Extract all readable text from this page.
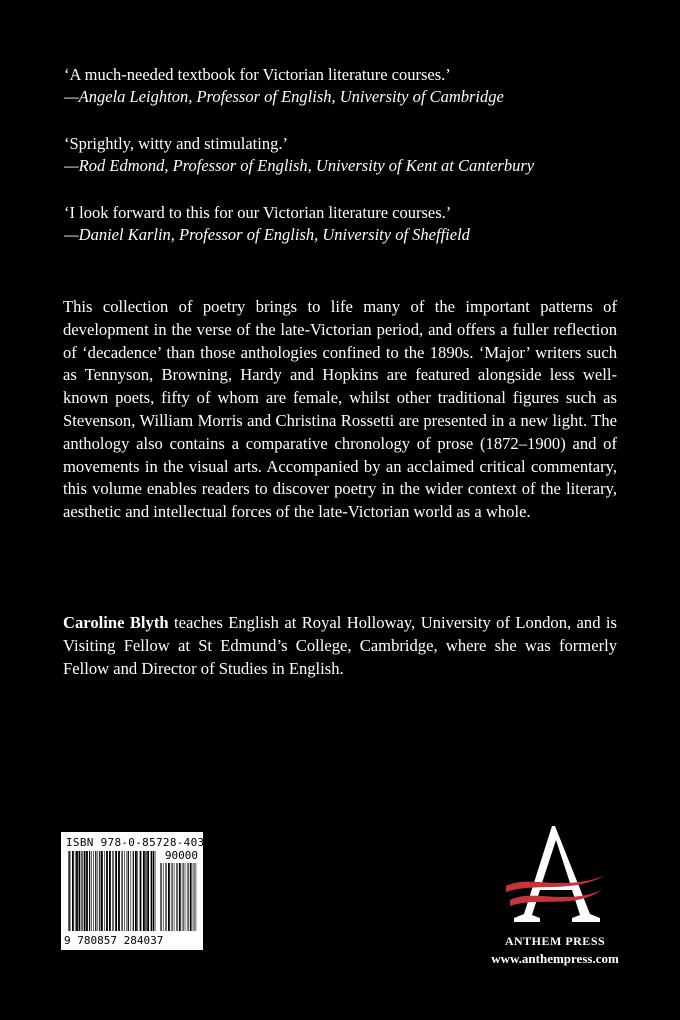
‘A much-needed textbook for Victorian literature courses.’
—Angela Leighton, Professor of English, University of Cambridge
‘Sprightly, witty and stimulating.’
—Rod Edmond, Professor of English, University of Kent at Canterbury
‘I look forward to this for our Victorian literature courses.’
—Daniel Karlin, Professor of English, University of Sheffield

This collection of poetry brings to life many of the important patterns of development in the verse of the late-Victorian period, and offers a fuller reflection of ‘decadence’ than those anthologies confined to the 1890s. ‘Major’ writers such as Tennyson, Browning, Hardy and Hopkins are featured alongside less well-known poets, fifty of whom are female, whilst other traditional figures such as Stevenson, William Morris and Christina Rossetti are presented in a new light. The anthology also contains a comparative chronology of prose (1872–1900) and of movements in the visual arts. Accompanied by an acclaimed critical commentary, this volume enables readers to discover poetry in the wider context of the literary, aesthetic and intellectual forces of the late-Victorian world as a whole.

Caroline Blyth teaches English at Royal Holloway, University of London, and is Visiting Fellow at St Edmund’s College, Cambridge, where she was formerly Fellow and Director of Studies in English.

ISBN 978-0-85728-403-7
90000
9 780857 284037	ANTHEM PRESS
www.anthempress.com
